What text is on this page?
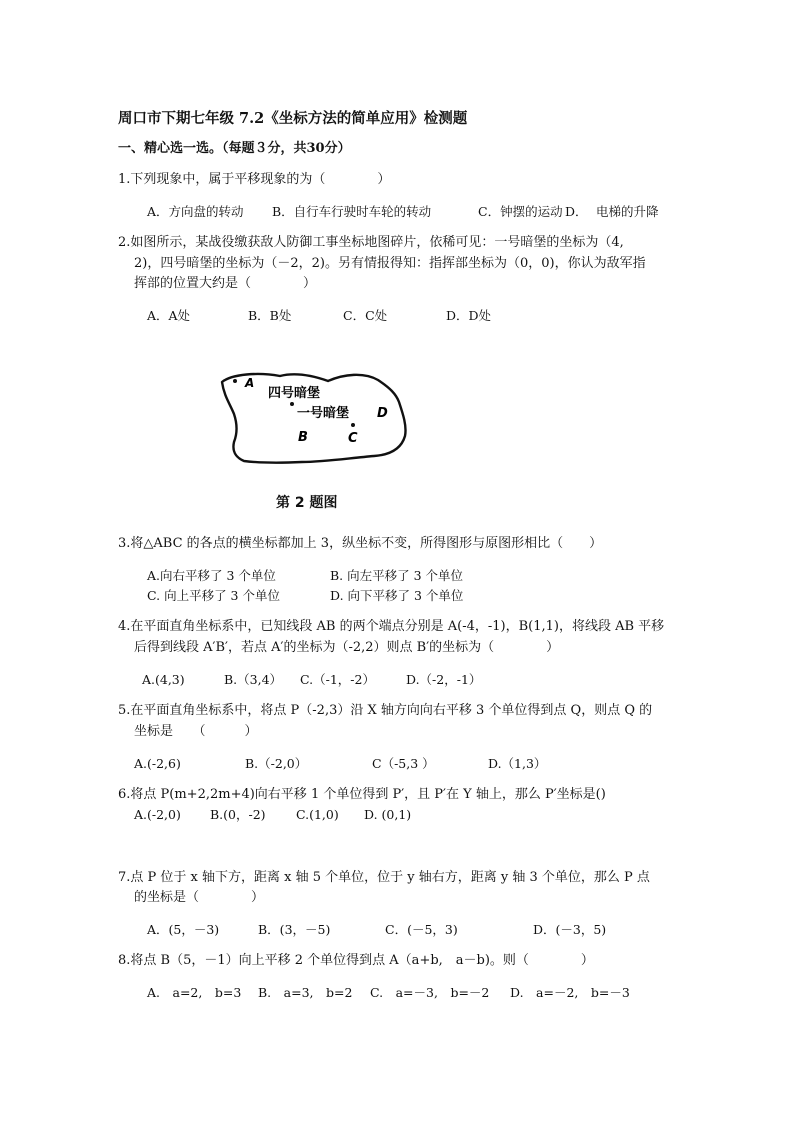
周口市下期七年级 7.2《坐标方法的简单应用》检测题
一、精心选一选。（每题３分，共30分）
1.下列现象中，属于平移现象的为（　　　　）
A．方向盘的转动 B．自行车行驶时车轮的转动	C．钟摆的运动 D． 电梯的升降
2.如图所示，某战役缴获敌人防御工事坐标地图碎片，依稀可见：一号暗堡的坐标为（4,
2)，四号暗堡的坐标为（－2，2)。另有情报得知：指挥部坐标为（0，0)，你认为敌军指
挥部的位置大约是（　　　　）
A．A处	B．B处	C．C处	D．D处
A
四号暗堡
一号暗堡 D
B	C
第 2 题图
3.将△ABC 的各点的横坐标都加上 3，纵坐标不变，所得图形与原图形相比（　　）
A.向右平移了 3 个单位	B. 向左平移了 3 个单位
C. 向上平移了 3 个单位	D. 向下平移了 3 个单位
4.在平面直角坐标系中，已知线段 AB 的两个端点分别是 A(-4，-1)，B(1,1)，将线段 AB 平移
后得到线段 A′B′，若点 A′的坐标为（-2,2）则点 B′的坐标为（　　　　）
A.(4,3)	B.（3,4） C.（-1，-2） D.（-2，-1）
5.在平面直角坐标系中，将点 P（-2,3）沿 X 轴方向向右平移 3 个单位得到点 Q，则点 Q 的
坐标是　　（　　　）
A.(-2,6)	B.（-2,0）	C（-5,3 ）	D.（1,3）
6.将点 P(m+2,2m+4)向右平移 1 个单位得到 P′，且 P′在 Y 轴上，那么 P′坐标是()
A.(-2,0) B.(0，-2) C.(1,0) D. (0,1)
7.点 P 位于 x 轴下方，距离 x 轴 5 个单位，位于 y 轴右方，距离 y 轴 3 个单位，那么 P 点
的坐标是（　　　　）
A．(5，－3)	B．(3，－5)	C．(－5，3)	D．(－3，5)
8.将点 B（5，－1）向上平移 2 个单位得到点 A（a+b,　a－b)。则（　　　　）
A.　a=2,　b=3 B.　a=3,　b=2 C.　a=－3,　b=－2 D.　a=－2,　b=－3
